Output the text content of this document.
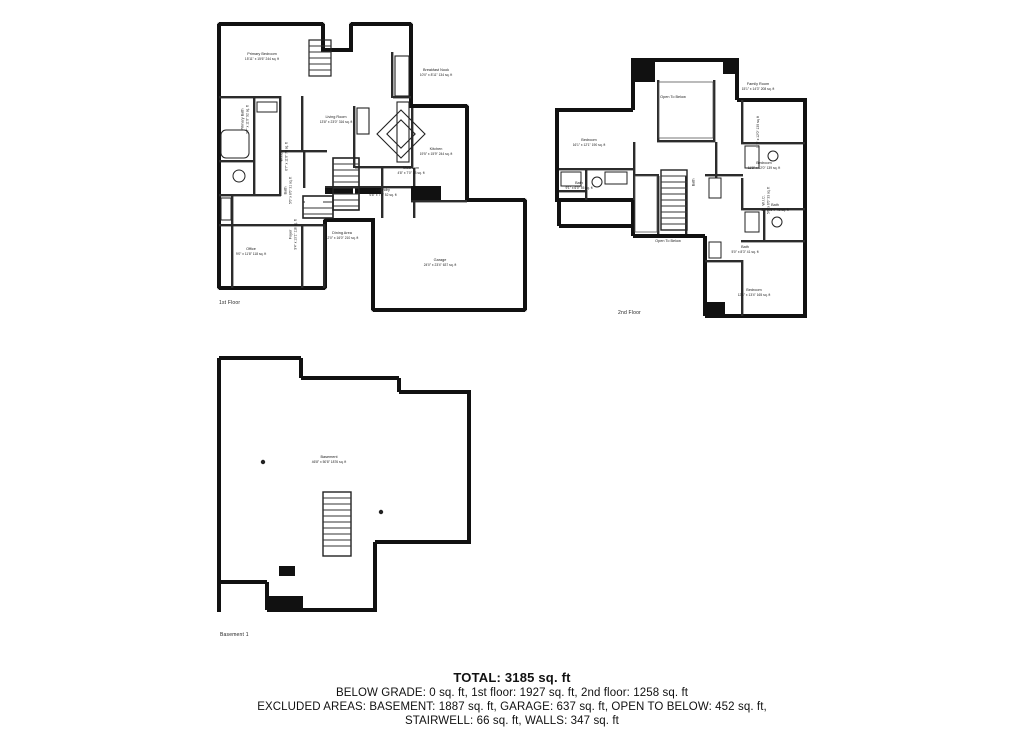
1st Floor
Primary Bedroom
15'11" x 15'6" 244 sq. ft
Primary Bath 9'7" x 11'0" 92 sq. ft
W.I.C. 6'7" x 11'0" 70 sq. ft
Living Room
13'8" x 23'0" 316 sq. ft
Breakfast Nook
10'0" x 8'11" 134 sq. ft
Kitchen
19'5" x 15'9" 244 sq. ft
Dining Area
12'0" x 16'0" 210 sq. ft
Foyer 9'4" x 13'1" 118 sq. ft
Office
9'0" x 11'8" 118 sq. ft
Bath 5'0" x 8'0" 31 sq. ft	Laundry
6'8" x 7'0" 52 sq. ft
Mudroom
4'8" x 7'0" 33 sq. ft
Garage
24'0" x 23'4" 637 sq. ft
2nd Floor
Family Room
15'1" x 14'3" 208 sq. ft
Open To Below
Open To Below
Bedroom
16'1" x 12'1" 190 sq. ft
Bedroom
11'8" x 12'0" 139 sq. ft
Bedroom
12'4" x 13'4" 165 sq. ft
Bath
9'1" x 6'0" 55 sq. ft
Bath
8'0" x 5'4" 43 sq. ft
Bath
5'0" x 8'3" 41 sq. ft
W.I.C. 5'6" x 6'0" 33 sq. ft
Bath
11'8" x 12'0" 139 sq. ft
Basement 1
Basement
46'8" x 50'8" 1876 sq. ft
TOTAL: 3185 sq. ft
BELOW GRADE: 0 sq. ft, 1st floor: 1927 sq. ft, 2nd floor: 1258 sq. ft
EXCLUDED AREAS: BASEMENT: 1887 sq. ft, GARAGE: 637 sq. ft, OPEN TO BELOW: 452 sq. ft,
STAIRWELL: 66 sq. ft, WALLS: 347 sq. ft
